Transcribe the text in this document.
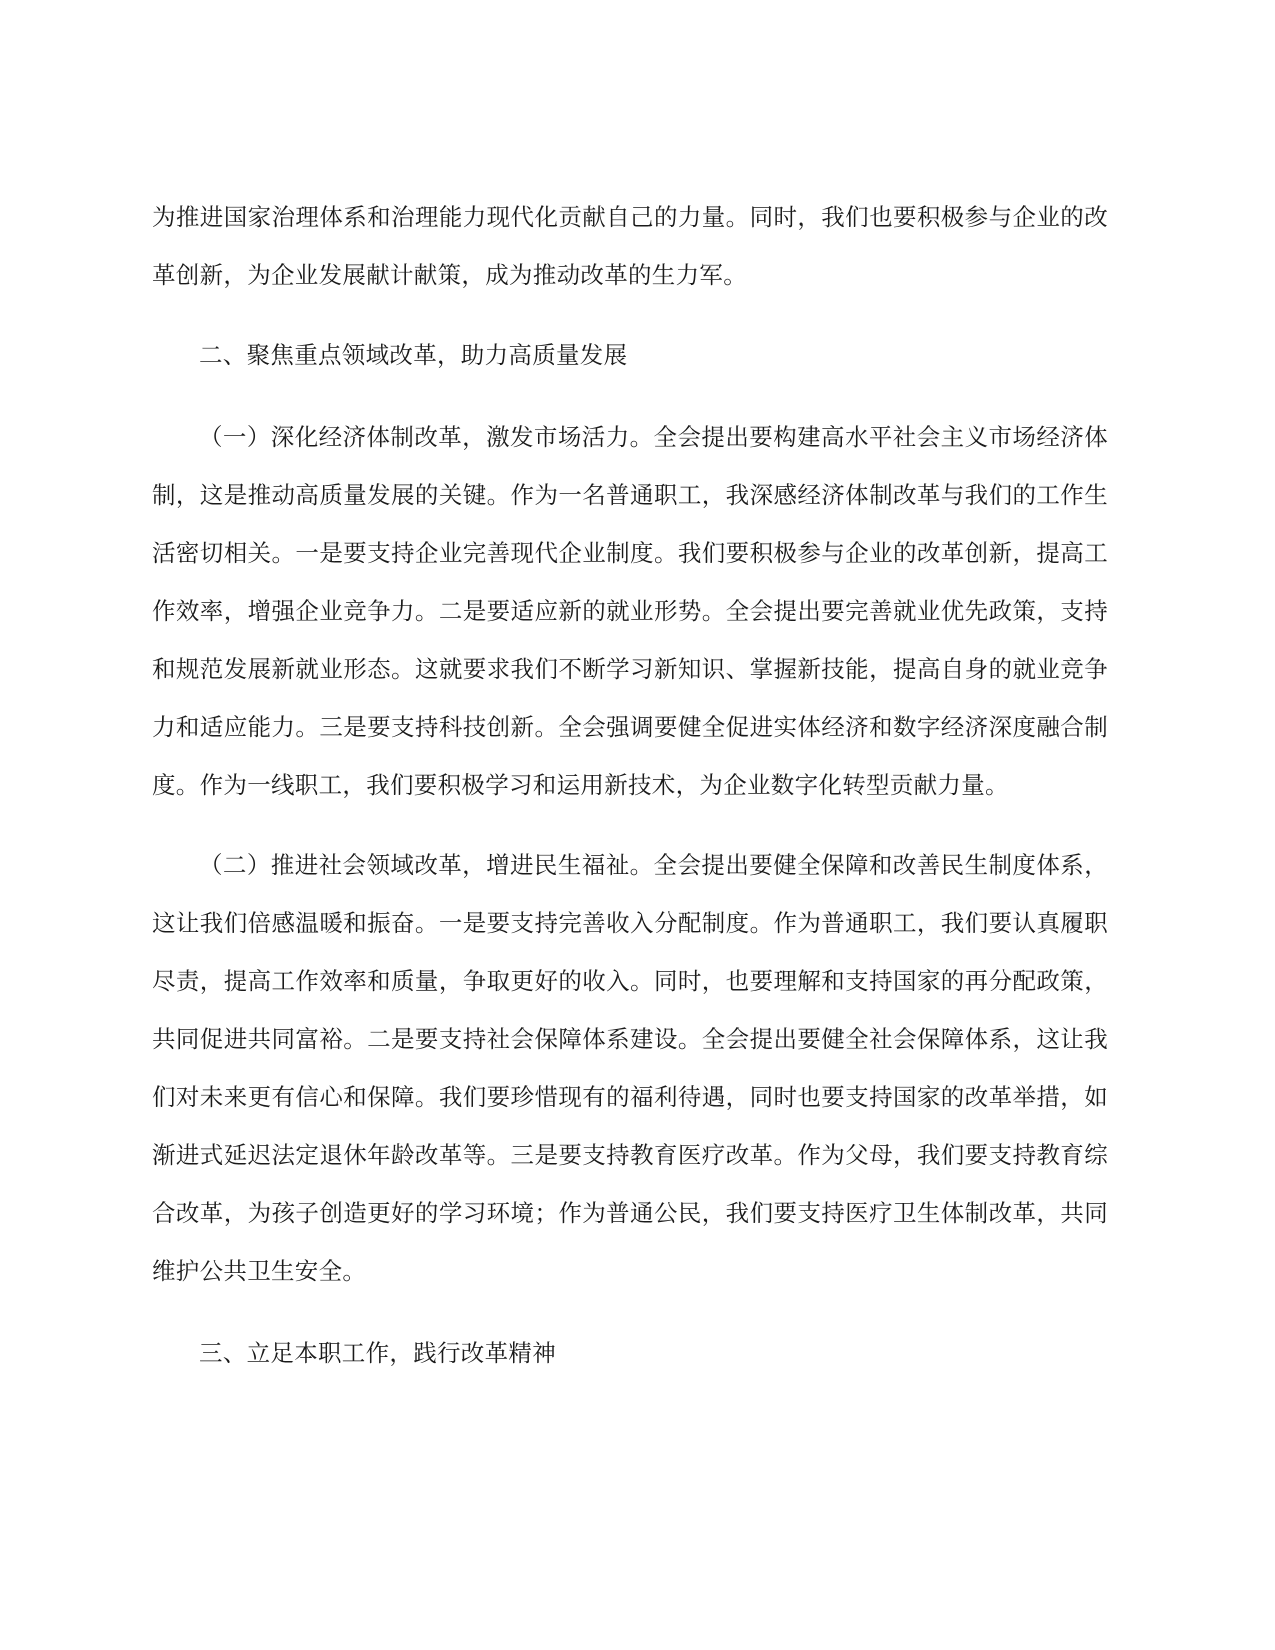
为推进国家治理体系和治理能力现代化贡献自己的力量。同时，我们也要积极参与企业的改革创新，为企业发展献计献策，成为推动改革的生力军。

二、聚焦重点领域改革，助力高质量发展

（一）深化经济体制改革，激发市场活力。全会提出要构建高水平社会主义市场经济体制，这是推动高质量发展的关键。作为一名普通职工，我深感经济体制改革与我们的工作生活密切相关。一是要支持企业完善现代企业制度。我们要积极参与企业的改革创新，提高工作效率，增强企业竞争力。二是要适应新的就业形势。全会提出要完善就业优先政策，支持和规范发展新就业形态。这就要求我们不断学习新知识、掌握新技能，提高自身的就业竞争力和适应能力。三是要支持科技创新。全会强调要健全促进实体经济和数字经济深度融合制度。作为一线职工，我们要积极学习和运用新技术，为企业数字化转型贡献力量。

（二）推进社会领域改革，增进民生福祉。全会提出要健全保障和改善民生制度体系，这让我们倍感温暖和振奋。一是要支持完善收入分配制度。作为普通职工，我们要认真履职尽责，提高工作效率和质量，争取更好的收入。同时，也要理解和支持国家的再分配政策，共同促进共同富裕。二是要支持社会保障体系建设。全会提出要健全社会保障体系，这让我们对未来更有信心和保障。我们要珍惜现有的福利待遇，同时也要支持国家的改革举措，如渐进式延迟法定退休年龄改革等。三是要支持教育医疗改革。作为父母，我们要支持教育综合改革，为孩子创造更好的学习环境；作为普通公民，我们要支持医疗卫生体制改革，共同维护公共卫生安全。

三、立足本职工作，践行改革精神
